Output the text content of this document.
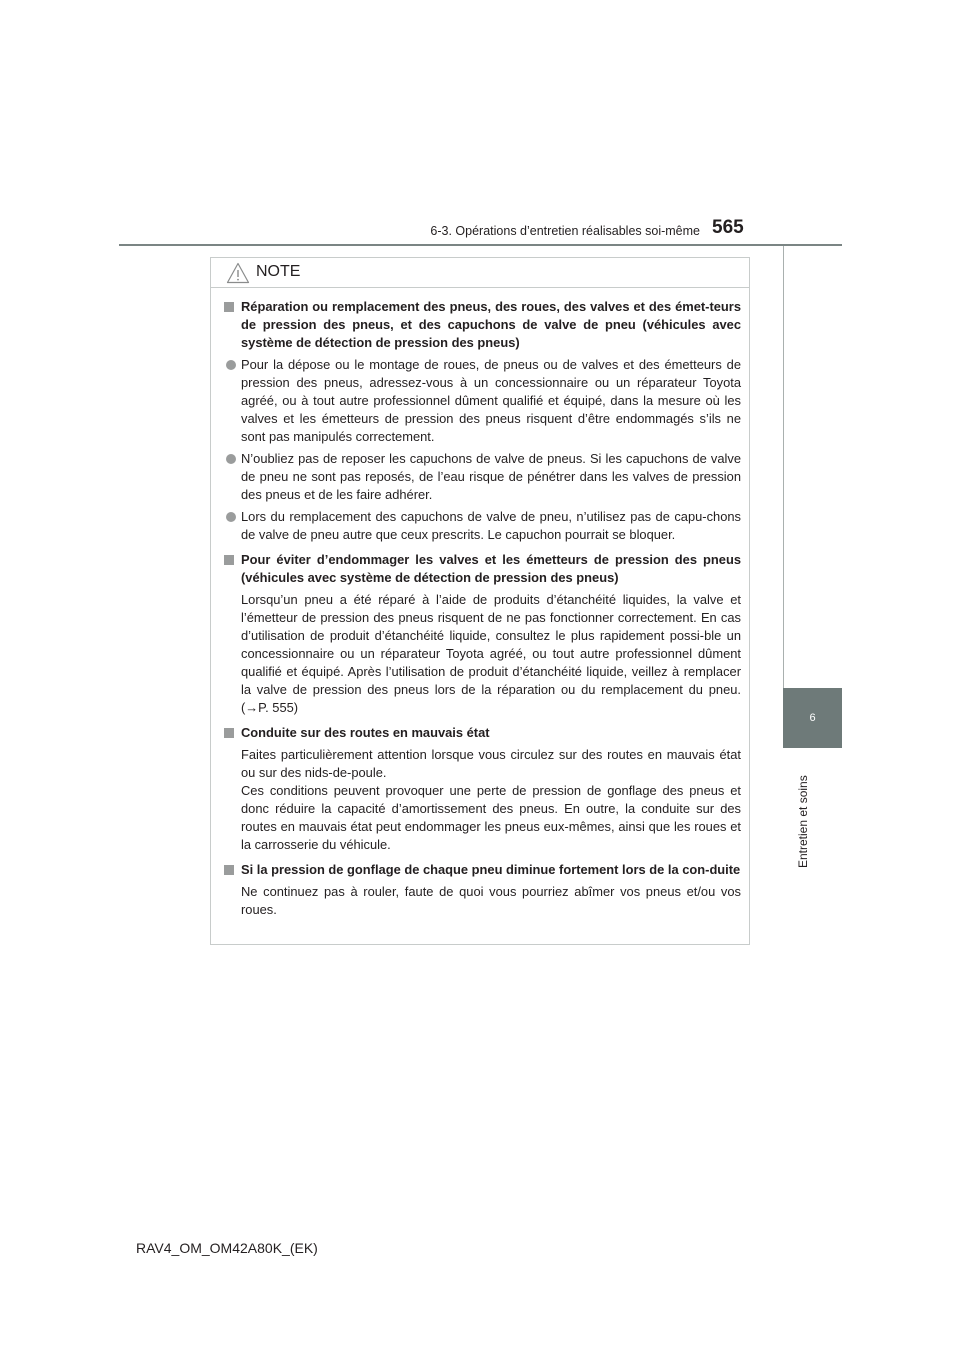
6-3. Opérations d’entretien réalisables soi-même 565
6
Entretien et soins
NOTE
Réparation ou remplacement des pneus, des roues, des valves et des émet-teurs de pression des pneus, et des capuchons de valve de pneu (véhicules avec système de détection de pression des pneus)
Pour la dépose ou le montage de roues, de pneus ou de valves et des émetteurs de pression des pneus, adressez-vous à un concessionnaire ou un réparateur Toyota agréé, ou à tout autre professionnel dûment qualifié et équipé, dans la mesure où les valves et les émetteurs de pression des pneus risquent d’être endommagés s’ils ne sont pas manipulés correctement.
N’oubliez pas de reposer les capuchons de valve de pneus. Si les capuchons de valve de pneu ne sont pas reposés, de l’eau risque de pénétrer dans les valves de pression des pneus et de les faire adhérer.
Lors du remplacement des capuchons de valve de pneu, n’utilisez pas de capu-chons de valve de pneu autre que ceux prescrits. Le capuchon pourrait se bloquer.
Pour éviter d’endommager les valves et les émetteurs de pression des pneus (véhicules avec système de détection de pression des pneus)
Lorsqu’un pneu a été réparé à l’aide de produits d’étanchéité liquides, la valve et l’émetteur de pression des pneus risquent de ne pas fonctionner correctement. En cas d’utilisation de produit d’étanchéité liquide, consultez le plus rapidement possi-ble un concessionnaire ou un réparateur Toyota agréé, ou tout autre professionnel dûment qualifié et équipé. Après l’utilisation de produit d’étanchéité liquide, veillez à remplacer la valve de pression des pneus lors de la réparation ou du remplacement du pneu. (→P. 555)
Conduite sur des routes en mauvais état
Faites particulièrement attention lorsque vous circulez sur des routes en mauvais état ou sur des nids-de-poule.
Ces conditions peuvent provoquer une perte de pression de gonflage des pneus et donc réduire la capacité d’amortissement des pneus. En outre, la conduite sur des routes en mauvais état peut endommager les pneus eux-mêmes, ainsi que les roues et la carrosserie du véhicule.
Si la pression de gonflage de chaque pneu diminue fortement lors de la con-duite
Ne continuez pas à rouler, faute de quoi vous pourriez abîmer vos pneus et/ou vos roues.
RAV4_OM_OM42A80K_(EK)
